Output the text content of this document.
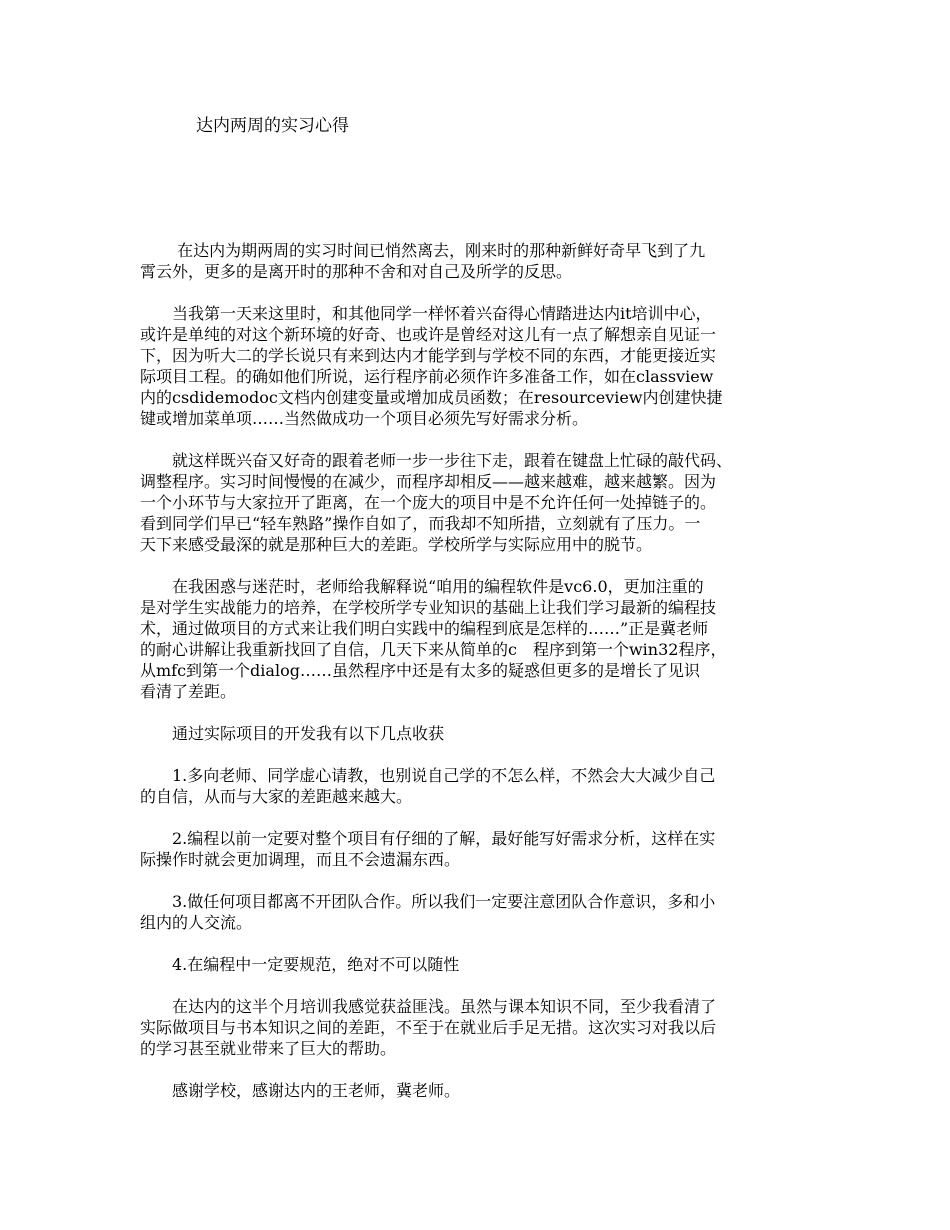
达内两周的实习心得

　　 在达内为期两周的实习时间已悄然离去，刚来时的那种新鲜好奇早飞到了九
霄云外，更多的是离开时的那种不舍和对自己及所学的反思。

　　当我第一天来这里时，和其他同学一样怀着兴奋得心情踏进达内it培训中心，
或许是单纯的对这个新环境的好奇、也或许是曾经对这儿有一点了解想亲自见证一
下，因为听大二的学长说只有来到达内才能学到与学校不同的东西，才能更接近实
际项目工程。的确如他们所说，运行程序前必须作许多准备工作，如在classview
内的csdidemodoc文档内创建变量或增加成员函数；在resourceview内创建快捷
键或增加菜单项……当然做成功一个项目必须先写好需求分析。

　　就这样既兴奋又好奇的跟着老师一步一步往下走，跟着在键盘上忙碌的敲代码、
调整程序。实习时间慢慢的在减少，而程序却相反——越来越难，越来越繁。因为
一个小环节与大家拉开了距离，在一个庞大的项目中是不允许任何一处掉链子的。
看到同学们早已“轻车熟路”操作自如了，而我却不知所措，立刻就有了压力。一
天下来感受最深的就是那种巨大的差距。学校所学与实际应用中的脱节。

　　在我困惑与迷茫时，老师给我解释说“咱用的编程软件是vc6.0，更加注重的
是对学生实战能力的培养，在学校所学专业知识的基础上让我们学习最新的编程技
术，通过做项目的方式来让我们明白实践中的编程到底是怎样的……”正是冀老师
的耐心讲解让我重新找回了自信，几天下来从简单的c　程序到第一个win32程序，
从mfc到第一个dialog……虽然程序中还是有太多的疑惑但更多的是增长了见识
看清了差距。

　　通过实际项目的开发我有以下几点收获

　　1.多向老师、同学虚心请教，也别说自己学的不怎么样，不然会大大减少自己
的自信，从而与大家的差距越来越大。

　　2.编程以前一定要对整个项目有仔细的了解，最好能写好需求分析，这样在实
际操作时就会更加调理，而且不会遗漏东西。

　　3.做任何项目都离不开团队合作。所以我们一定要注意团队合作意识，多和小
组内的人交流。

　　4.在编程中一定要规范，绝对不可以随性

　　在达内的这半个月培训我感觉获益匪浅。虽然与课本知识不同，至少我看清了
实际做项目与书本知识之间的差距，不至于在就业后手足无措。这次实习对我以后
的学习甚至就业带来了巨大的帮助。

　　感谢学校，感谢达内的王老师，冀老师。
